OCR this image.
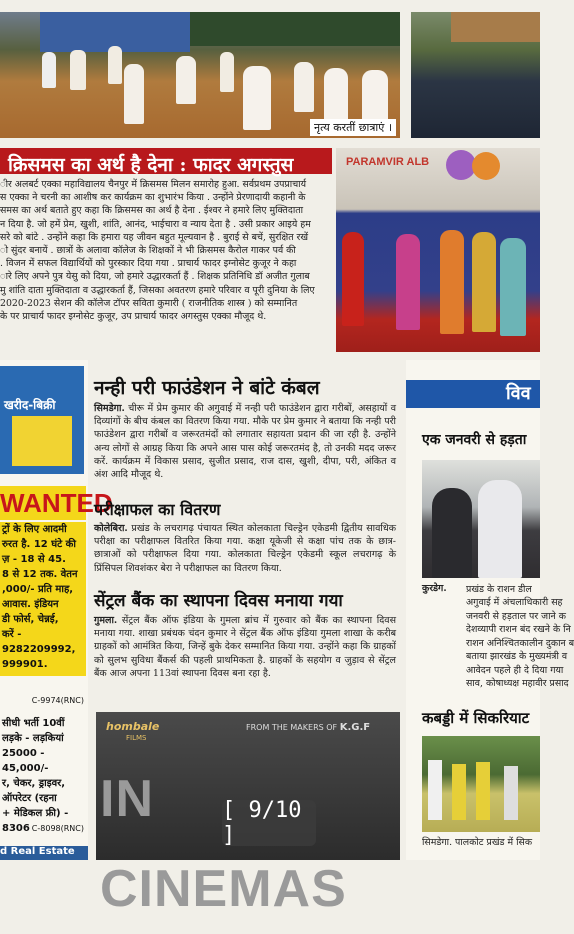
नृत्य करतीं छात्राएं ।
क्रिसमस का अर्थ है देना : फादर अगस्तुस
ीर अलबर्ट एक्का महाविद्यालय चैनपुर में क्रिसमस मिलन समारोह हुआ. सर्वप्रथम उपप्राचार्य
स एक्का ने चरनी का आशीष कर कार्यक्रम का शुभारंभ किया . उन्होंने प्रेरणादायी कहानी के
समस का अर्थ बताते हुए कहा कि क्रिसमस का अर्थ है देना . ईश्वर ने हमारे लिए मुक्तिदाता
न दिया है. जो हमें प्रेम, खुशी, शांति, आनंद, भाईचारा व न्याय देता है . उसी प्रकार आइये हम
सरे को बांटे . उन्होंने कहा कि हमारा यह जीवन बहुत मूल्यवान है . बुराई से बचें, सुरक्षित रखें
ो सुंदर बनायें . छात्रों के अलावा कॉलेज के शिक्षकों ने भी क्रिसमस कैरोल गाकर पर्व की
. विजन में सफल विद्यार्थियों को पुरस्कार दिया गया . प्राचार्य फादर इग्नोसेट कुजूर ने कहा
ारे लिए अपने पुत्र येसु को दिया, जो हमारे उद्धारकर्ता हैं . शिक्षक प्रतिनिधि डॉ अजीत गुलाब
मु शांति दाता मुक्तिदाता व उद्धारकर्ता हैं, जिसका अवतरण हमारे परिवार व पूरी दुनिया के लिए
2020-2023 सेशन की कॉलेज टॉपर सविता कुमारी ( राजनीतिक शास्त्र ) को सम्मानित
के पर प्राचार्य फादर इग्नोसेट कुजूर, उप प्राचार्य फादर अगस्तुस एक्का मौजूद थे.
PARAMVIR ALB
खरीद-बिक्री
WANTED
ट्रों के लिए आदमी
रुरत है. 12 घंटे की
ज़ - 18 से 45.
8 से 12 तक. वेतन
,000/- प्रति माह,
आवास. इंडियन
डी फोर्स, चेन्नई,
करें - 9282209992,
999901.
C-9974(RNC)
सीधी भर्ती 10वीं
लड़के - लड़कियां
25000 - 45,000/-
र, चेकर, ड्राइवर,
ऑपरेटर (रहना
+ मेडिकल फ्री) -
8306 C-8098(RNC)
d Real Estate
नन्ही परी फाउंडेशन ने बांटे कंबल
सिमडेगा. चीरू में प्रेम कुमार की अगुवाई में नन्ही परी फाउंडेशन द्वारा गरीबों, असहायों व दिव्यांगों के बीच कंबल का वितरण किया गया. मौके पर प्रेम कुमार ने बताया कि नन्ही परी फाउंडेशन द्वारा गरीबों व जरूरतमंदों को लगातार सहायता प्रदान की जा रही है. उन्होंने अन्य लोगों से आग्रह किया कि अपने आस पास कोई जरूरतमंद है, तो उनकी मदद जरूर करें. कार्यक्रम में विकास प्रसाद, सुजीत प्रसाद, राज दास, खुशी, दीपा, परी, अंकित व अंश आदि मौजूद थे.
परीक्षाफल का वितरण
कोलेबिरा. प्रखंड के लचरागढ़ पंचायत स्थित कोलकाता चिल्ड्रेन एकेडमी द्वितीय सावधिक परीक्षा का परीक्षाफल वितरित किया गया. कक्षा यूकेजी से कक्षा पांच तक के छात्र-छात्राओं को परीक्षाफल दिया गया. कोलकाता चिल्ड्रेन एकेडमी स्कूल लचरागढ़ के प्रिंसिपल शिवशंकर बेरा ने परीक्षाफल का वितरण किया.
सेंट्रल बैंक का स्थापना दिवस मनाया गया
गुमला. सेंट्रल बैंक ऑफ इंडिया के गुमला ब्रांच में गुरुवार को बैंक का स्थापना दिवस मनाया गया. शाखा प्रबंधक चंदन कुमार ने सेंट्रल बैंक ऑफ इंडिया गुमला शाखा के करीब ग्राहकों को आमंत्रित किया, जिन्हें बुके देकर सम्मानित किया गया. उन्होंने कहा कि ग्राहकों को सुलभ सुविधा बैंकर्स की पहली प्राथमिकता है. ग्राहकों के सहयोग व जुड़ाव से सेंट्रल बैंक आज अपना 113वां स्थापना दिवस बना रहा है.
hombale
FILMS
FROM THE MAKERS OF K.G.F
IN CINEMAS
विव
एक जनवरी से हड़ता
कुरडेग. प्रखंड के राशन डील
अगुवाई में अंचलाधिकारी सह
जनवरी से हड़ताल पर जाने क
देशव्यापी राशन बंद रखने के नि
राशन अनिश्चितकालीन दुकान ब
बताया झारखंड के मुख्यमंत्री व
आवेदन पहले ही दे दिया गया
साव, कोषाध्यक्ष महावीर प्रसाद
कबड्डी में सिकरियाट
सिमडेगा. पालकोट प्रखंड में सिक
[ 9/10 ]
